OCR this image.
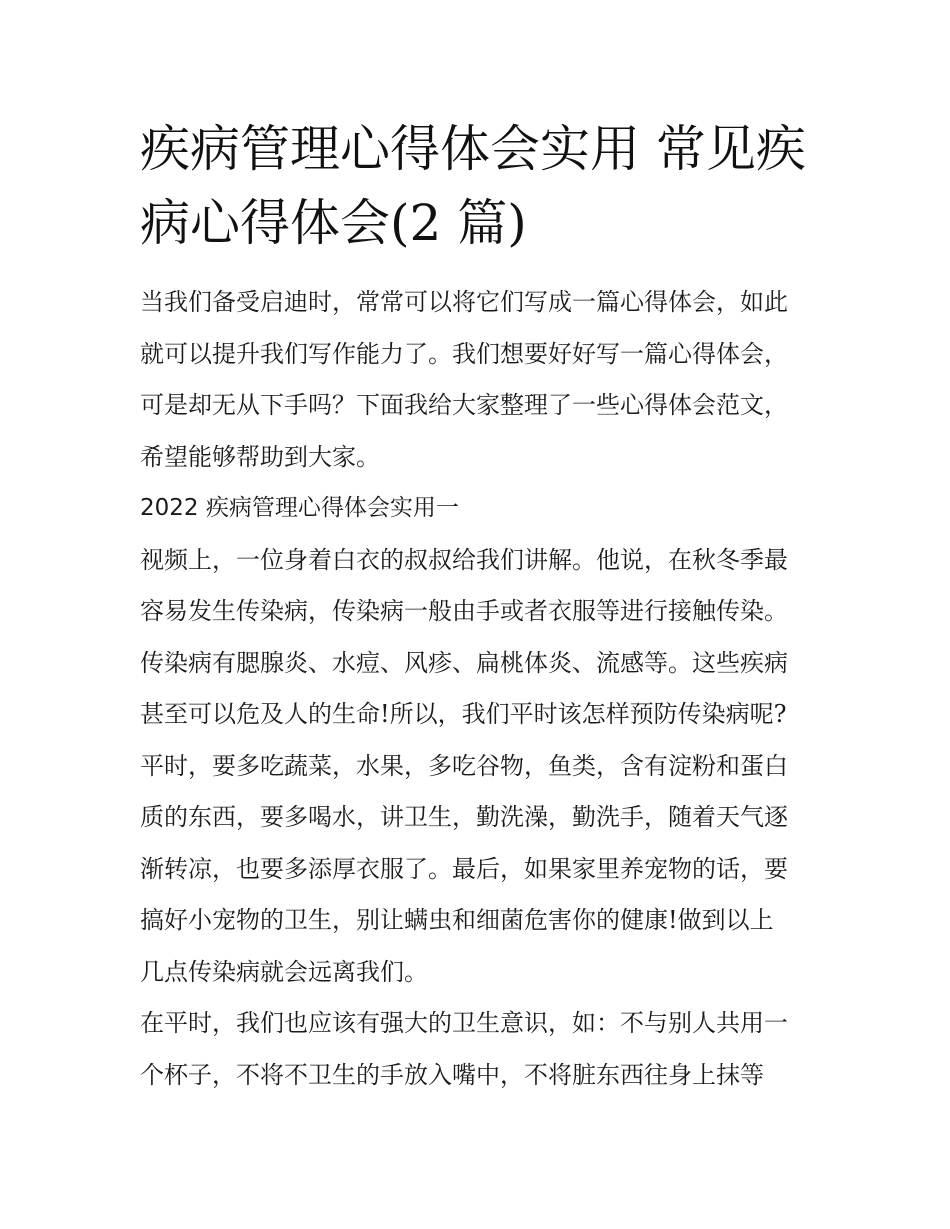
疾病管理心得体会实用 常见疾
病心得体会(2 篇)
当我们备受启迪时，常常可以将它们写成一篇心得体会，如此
就可以提升我们写作能力了。我们想要好好写一篇心得体会，
可是却无从下手吗？下面我给大家整理了一些心得体会范文，
希望能够帮助到大家。
2022 疾病管理心得体会实用一
视频上，一位身着白衣的叔叔给我们讲解。他说，在秋冬季最
容易发生传染病，传染病一般由手或者衣服等进行接触传染。
传染病有腮腺炎、水痘、风疹、扁桃体炎、流感等。这些疾病
甚至可以危及人的生命!所以，我们平时该怎样预防传染病呢?
平时，要多吃蔬菜，水果，多吃谷物，鱼类，含有淀粉和蛋白
质的东西，要多喝水，讲卫生，勤洗澡，勤洗手，随着天气逐
渐转凉，也要多添厚衣服了。最后，如果家里养宠物的话，要
搞好小宠物的卫生，别让螨虫和细菌危害你的健康!做到以上
几点传染病就会远离我们。
在平时，我们也应该有强大的卫生意识，如：不与别人共用一
个杯子，不将不卫生的手放入嘴中，不将脏东西往身上抹等
